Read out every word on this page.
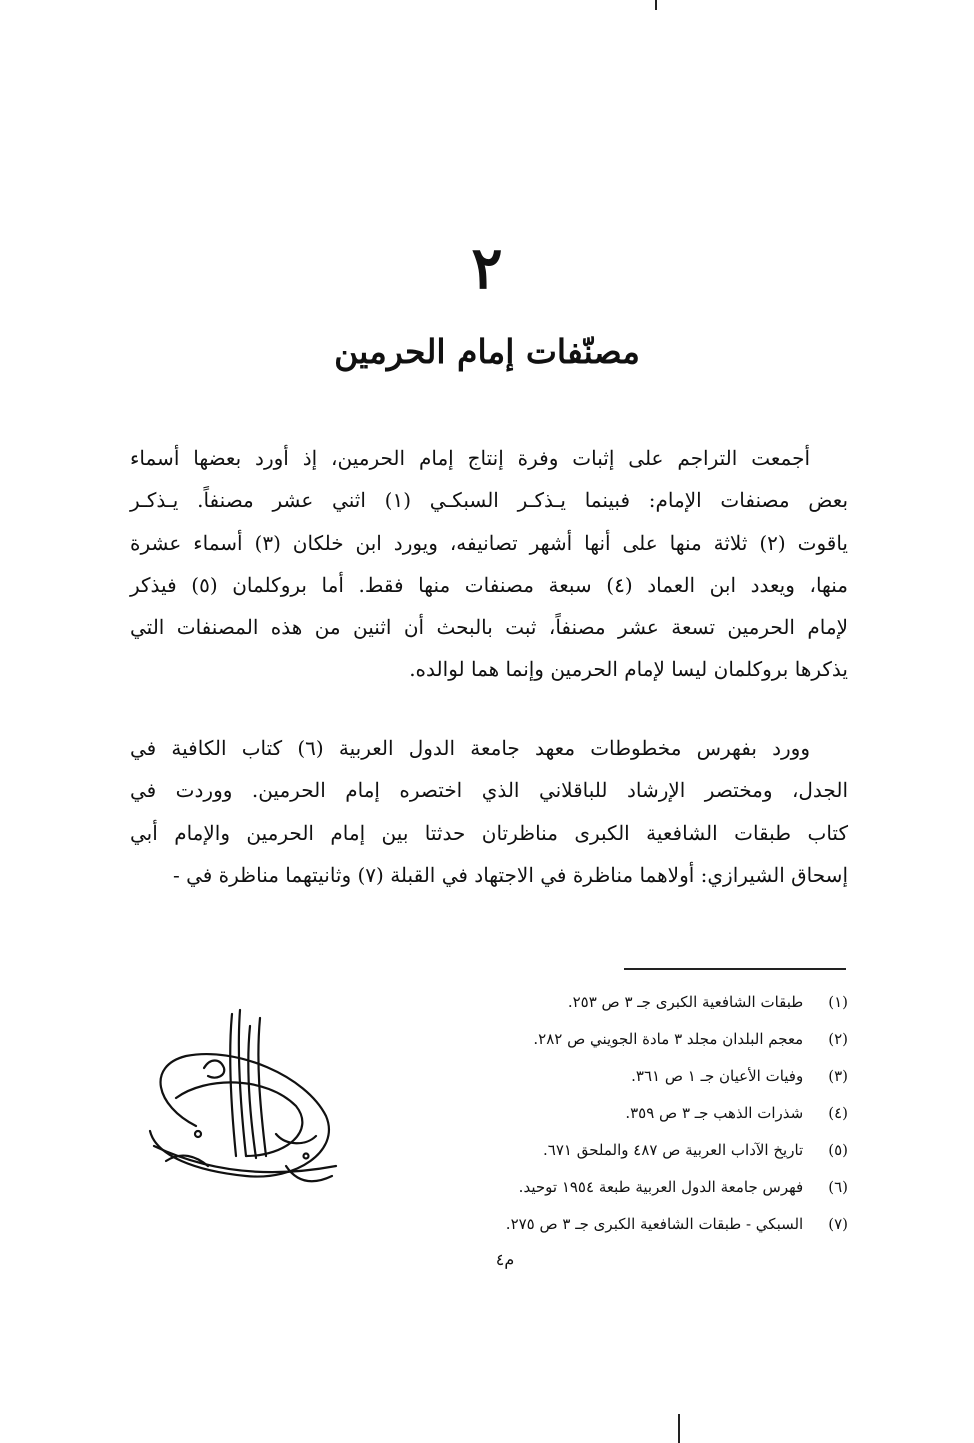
٢
مصنّفات إمام الحرمين

أجمعت التراجم على إثبات وفرة إنتاج إمام الحرمين، إذ أورد بعضها أسماء
بعض مصنفات الإمام: فبينما يـذكـر السبكـي (١) اثني عشر مصنفاً. يـذكـر
ياقوت (٢) ثلاثة منها على أنها أشهر تصانيفه، ويورد ابن خلكان (٣) أسماء عشرة
منها، ويعدد ابن العماد (٤) سبعة مصنفات منها فقط. أما بروكلمان (٥) فيذكر
لإمام الحرمين تسعة عشر مصنفاً، ثبت بالبحث أن اثنين من هذه المصنفات التي
يذكرها بروكلمان ليسا لإمام الحرمين وإنما هما لوالده.

وورد بفهرس مخطوطات معهد جامعة الدول العربية (٦) كتاب الكافية في
الجدل، ومختصر الإرشاد للباقلاني الذي اختصره إمام الحرمين. ووردت في
كتاب طبقات الشافعية الكبرى مناظرتان حدثتا بين إمام الحرمين والإمام أبي
إسحاق الشيرازي: أولاهما مناظرة في الاجتهاد في القبلة (٧) وثانيتهما مناظرة في -

(١) طبقات الشافعية الكبرى جـ ٣ ص ٢٥٣.
(٢) معجم البلدان مجلد ٣ مادة الجويني ص ٢٨٢.
(٣) وفيات الأعيان جـ ١ ص ٣٦١.
(٤) شذرات الذهب جـ ٣ ص ٣٥٩.
(٥) تاريخ الآداب العربية ص ٤٨٧ والملحق ٦٧١.
(٦) فهرس جامعة الدول العربية طبعة ١٩٥٤ توحيد.
(٧) السبكي - طبقات الشافعية الكبرى جـ ٣ ص ٢٧٥.
م٤
